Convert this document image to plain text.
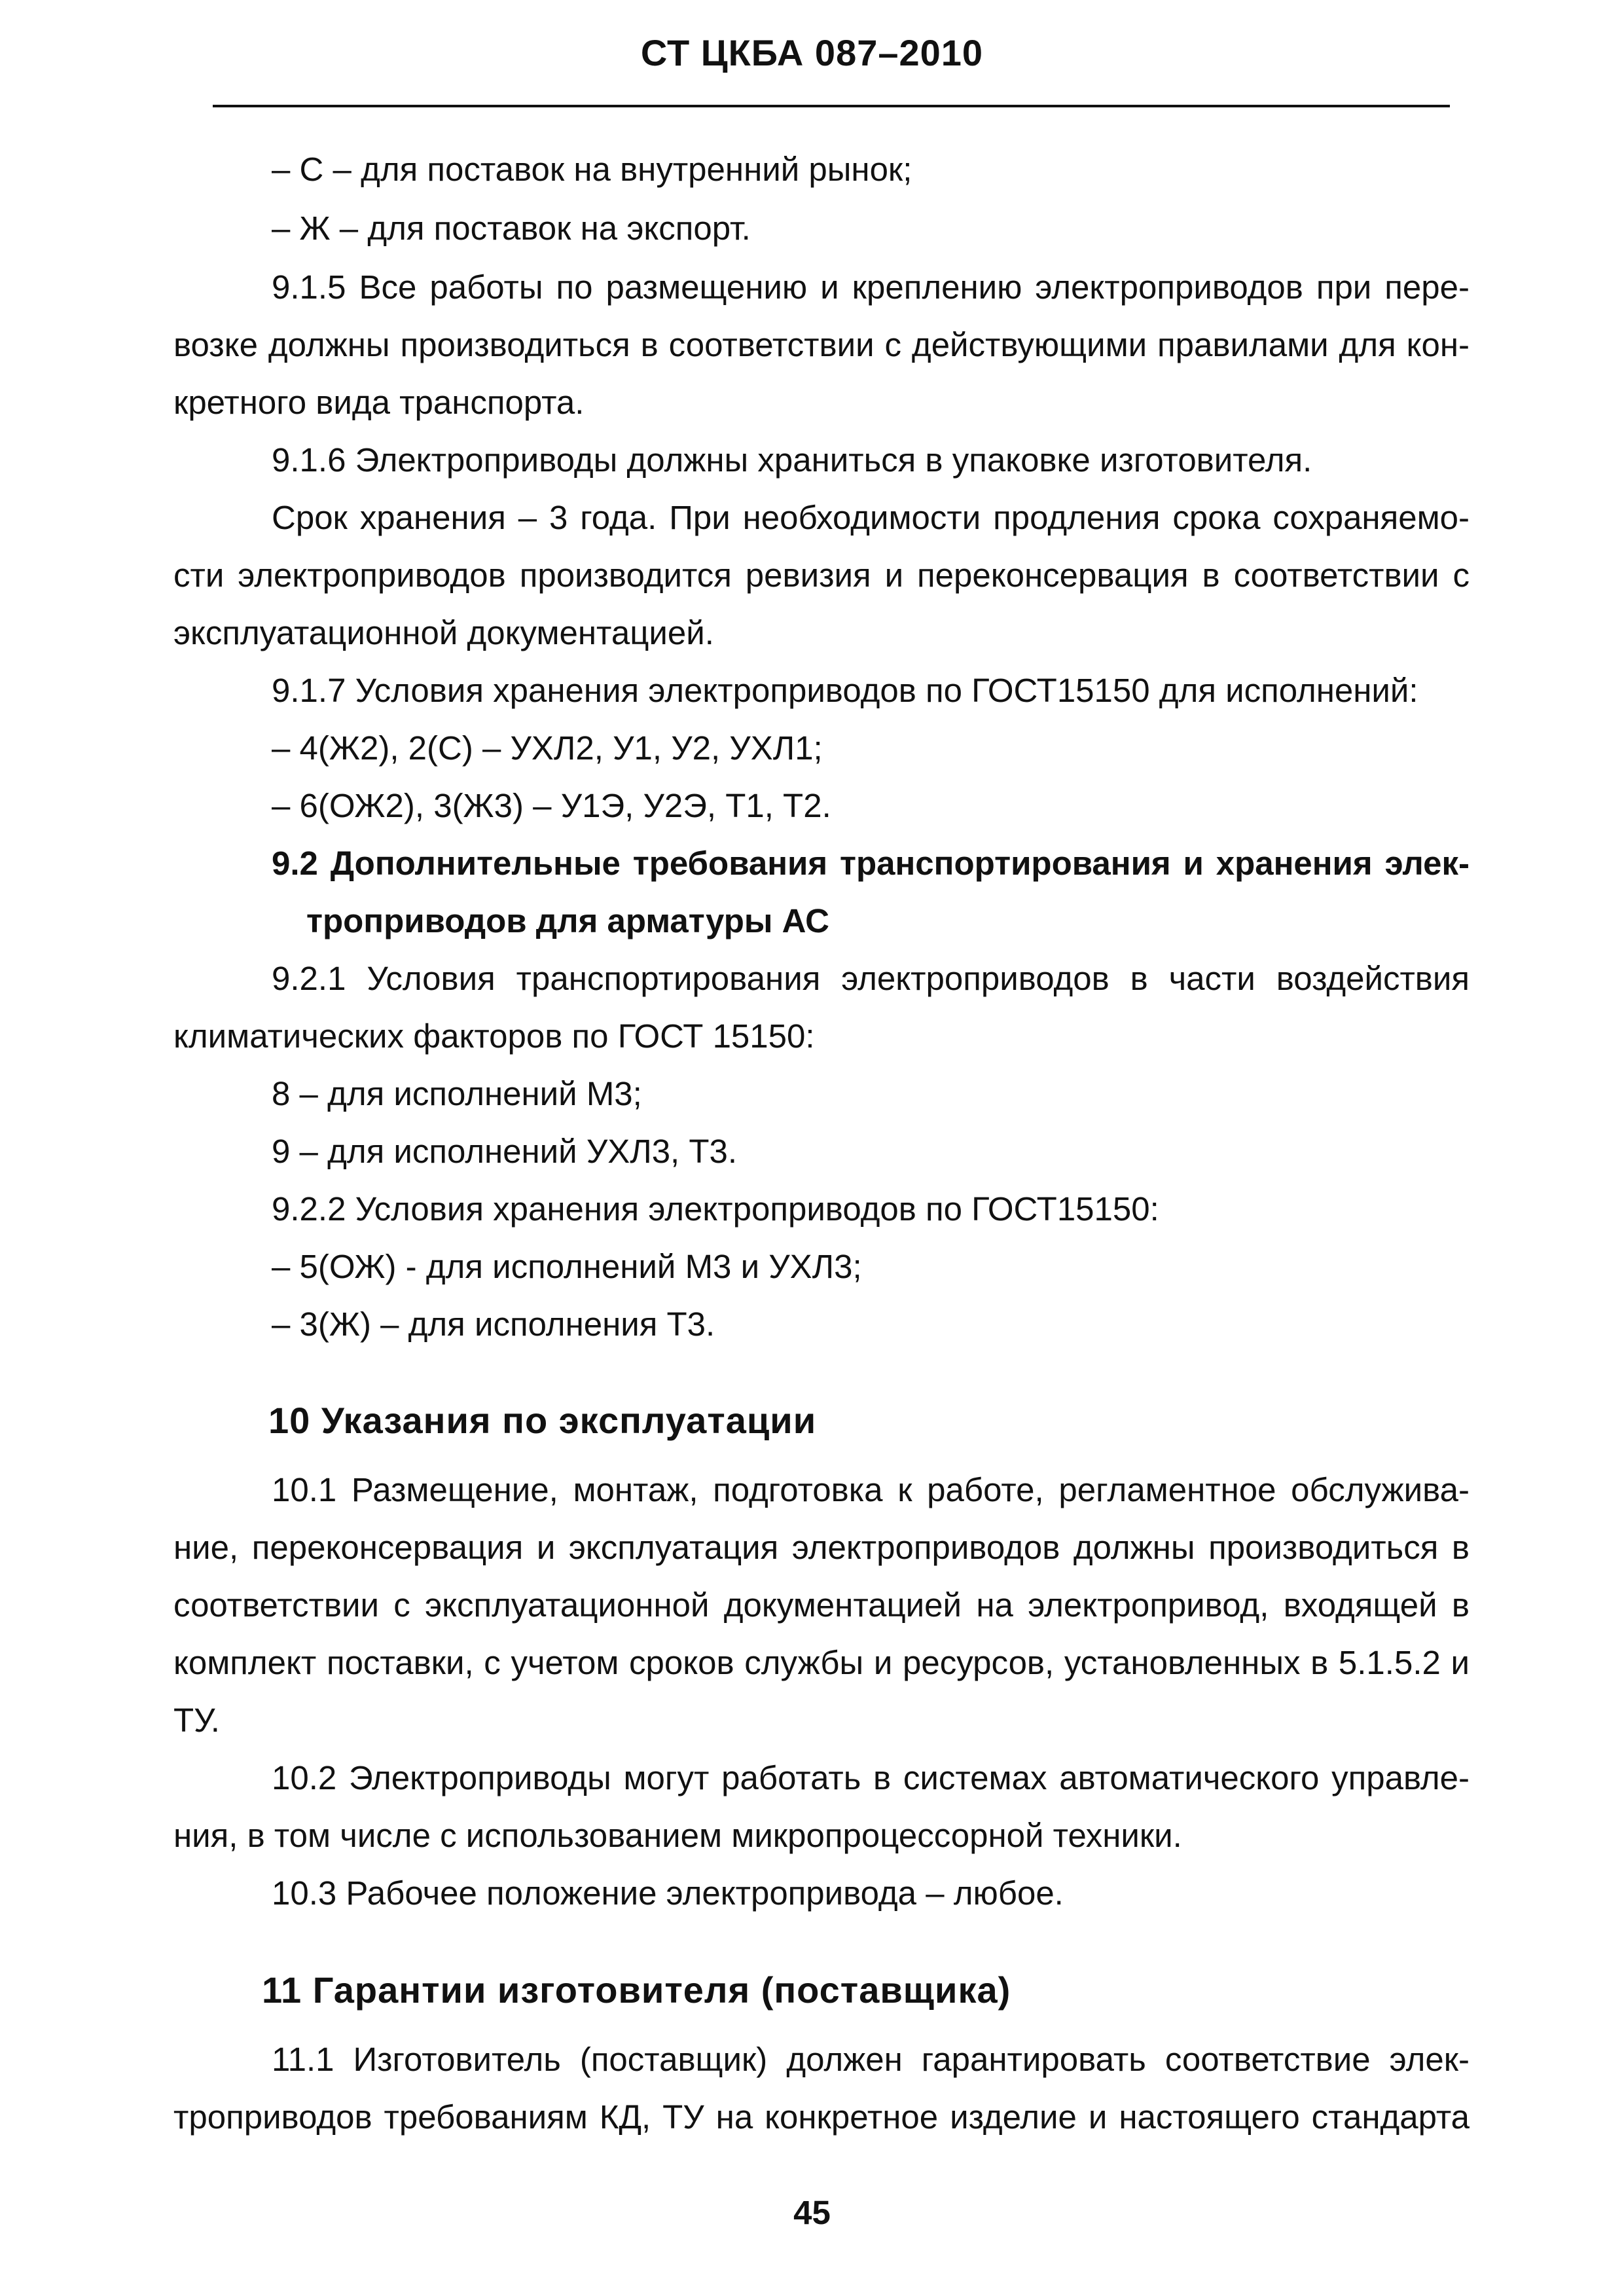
СТ ЦКБА 087–2010
– С – для поставок на внутренний рынок;
– Ж – для поставок на экспорт.
9.1.5 Все работы по размещению и креплению электроприводов при пере-
возке должны производиться в соответствии с действующими правилами для кон-
кретного вида транспорта.
9.1.6 Электроприводы должны храниться в упаковке изготовителя.
Срок хранения – 3 года. При необходимости продления срока сохраняемо-
сти электроприводов производится ревизия и переконсервация в соответствии с
эксплуатационной документацией.
9.1.7 Условия хранения электроприводов по ГОСТ15150 для исполнений:
– 4(Ж2), 2(С) – УХЛ2, У1, У2, УХЛ1;
– 6(ОЖ2), 3(Ж3) – У1Э, У2Э, Т1, Т2.
9.2 Дополнительные требования транспортирования и хранения элек-
троприводов для арматуры АС
9.2.1 Условия транспортирования электроприводов в части воздействия
климатических факторов по ГОСТ 15150:
8 – для исполнений М3;
9 – для исполнений УХЛ3, Т3.
9.2.2 Условия хранения электроприводов по ГОСТ15150:
– 5(ОЖ) - для исполнений М3 и УХЛ3;
– 3(Ж) – для исполнения Т3.
10 Указания по эксплуатации
10.1 Размещение, монтаж, подготовка к работе, регламентное обслужива-
ние, переконсервация и эксплуатация электроприводов должны производиться в
соответствии с эксплуатационной документацией на электропривод, входящей в
комплект поставки, с учетом сроков службы и ресурсов, установленных в 5.1.5.2 и
ТУ.
10.2 Электроприводы могут работать в системах автоматического управле-
ния, в том числе с использованием микропроцессорной техники.
10.3 Рабочее положение электропривода – любое.
11 Гарантии изготовителя (поставщика)
11.1 Изготовитель (поставщик) должен гарантировать соответствие элек-
троприводов требованиям КД, ТУ на конкретное изделие и настоящего стандарта
45
